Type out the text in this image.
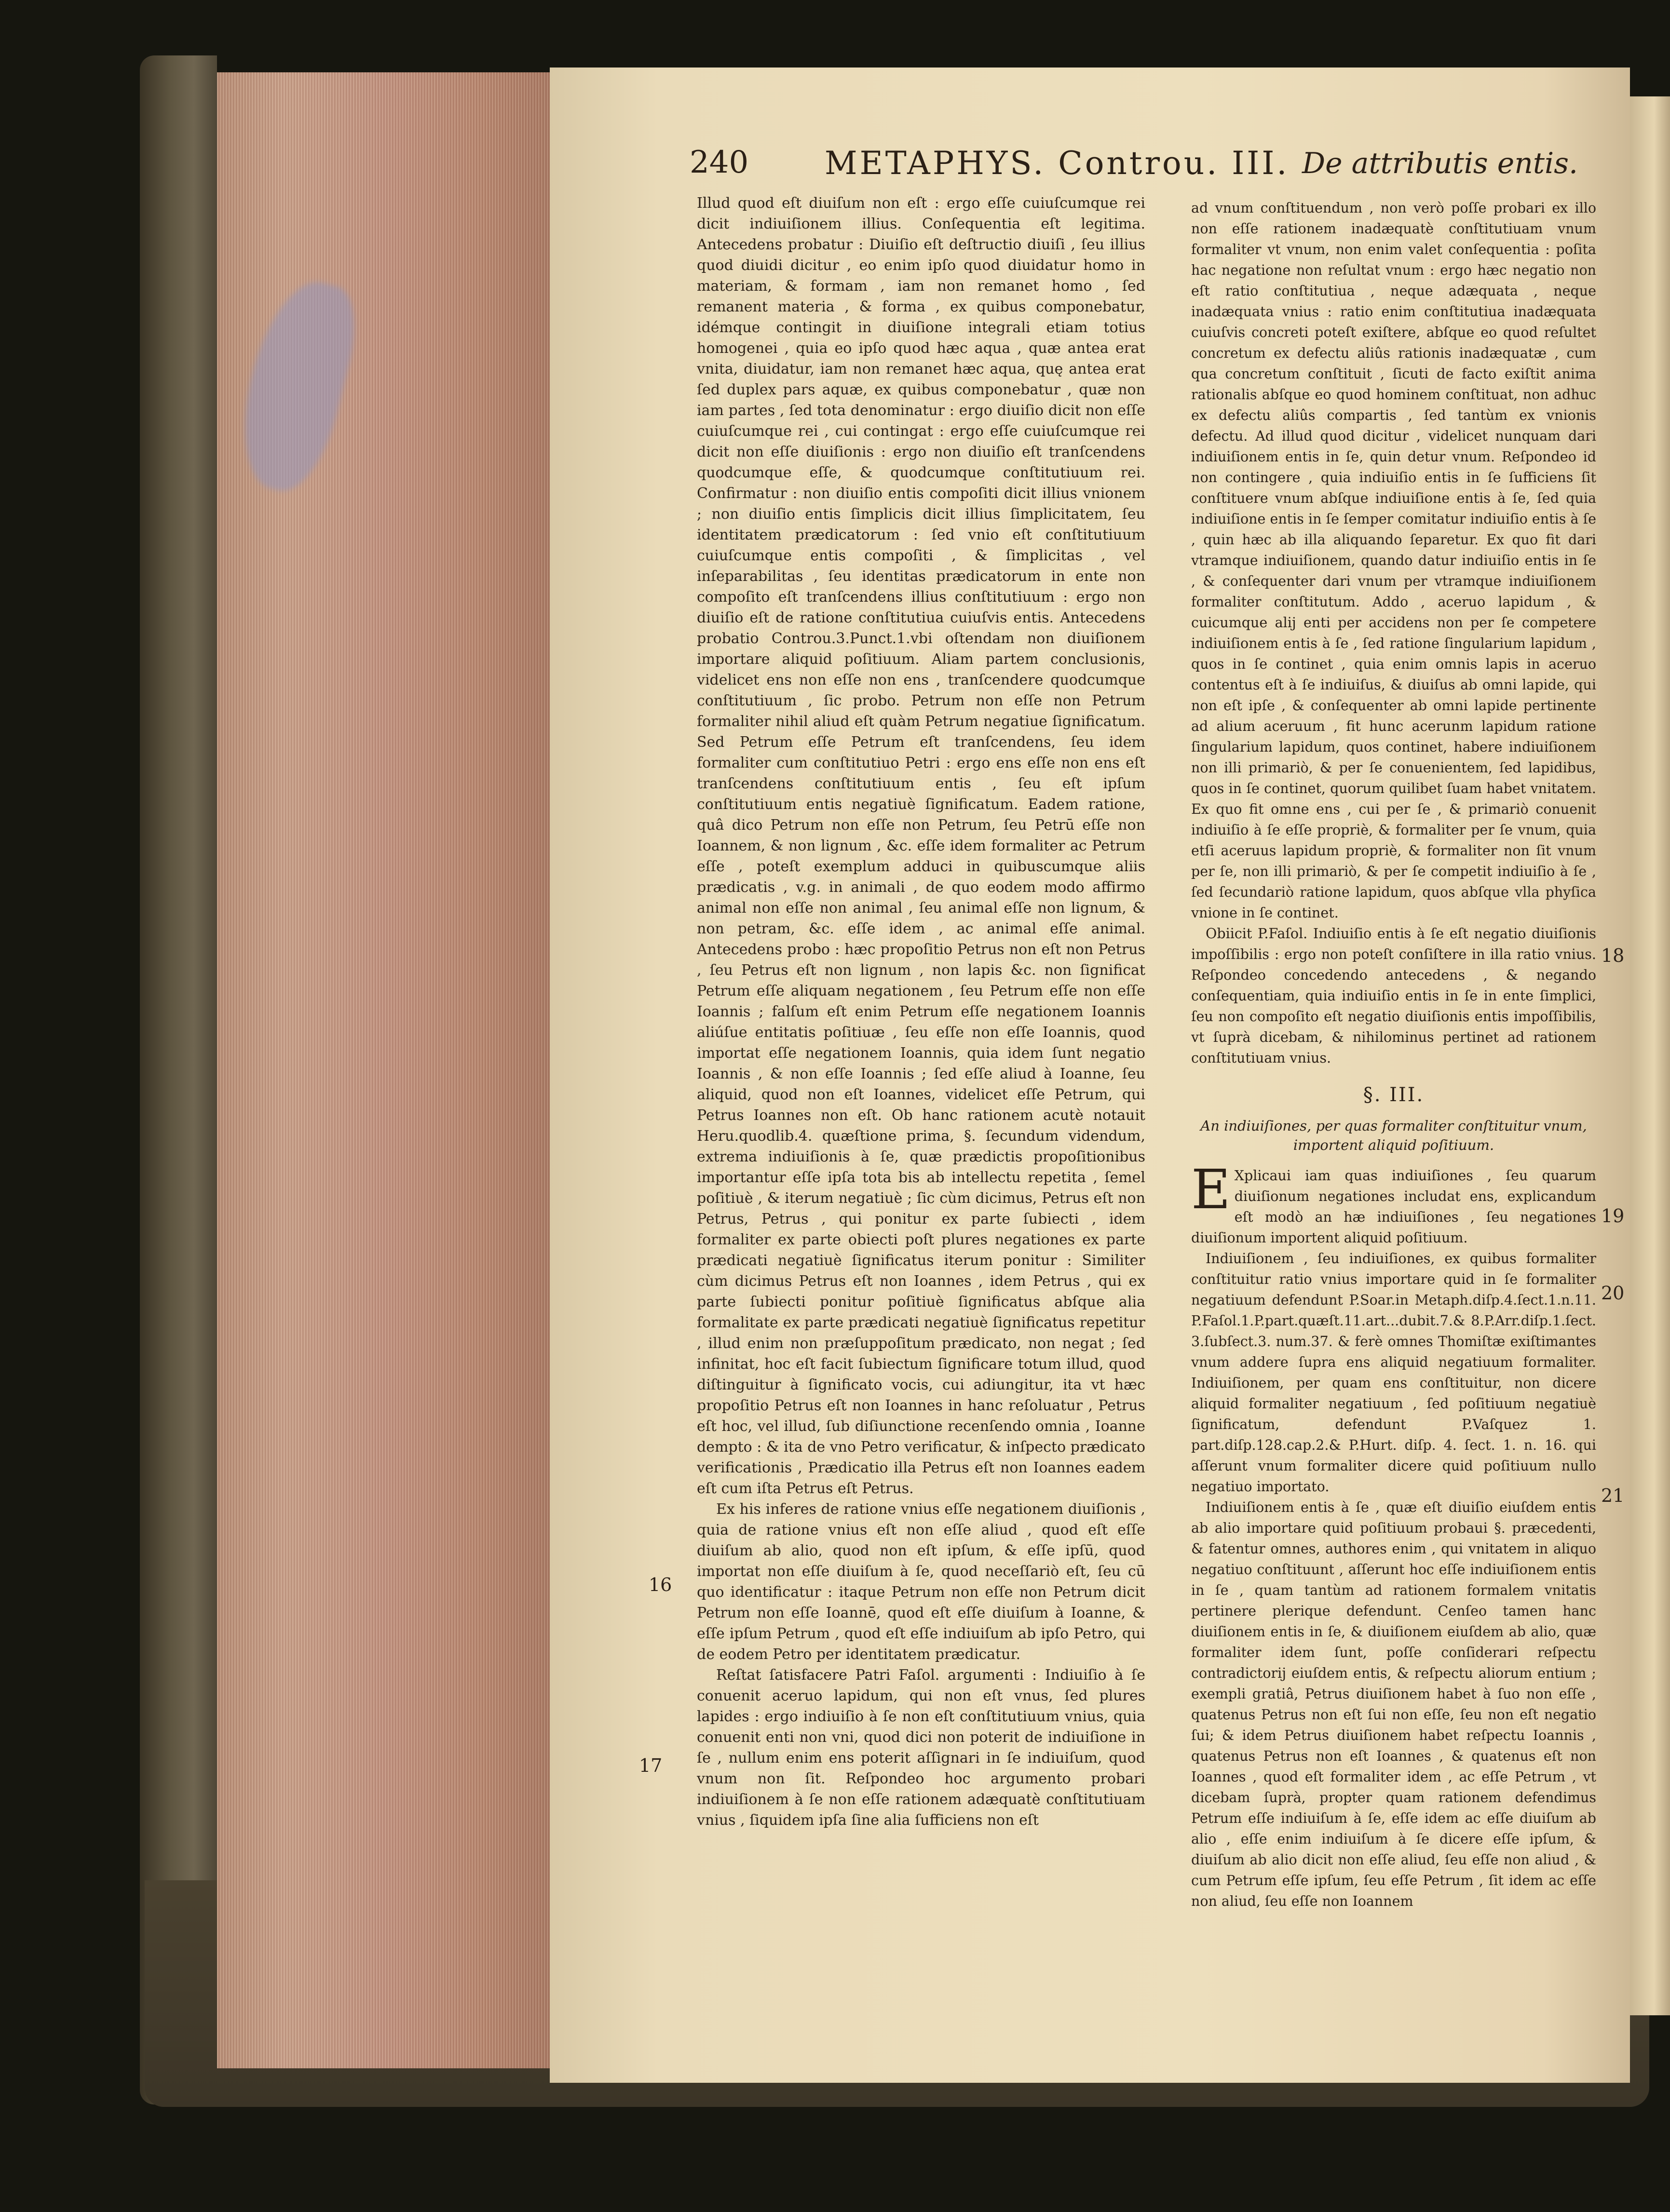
240 METAPHYS. Controu. III. De attributis entis.

Illud quod eſt diuiſum non eſt : ergo eſſe cuiuſcumque rei dicit indiuiſionem illius. Conſequentia eſt legitima. Antecedens probatur : Diuiſio eſt deſtructio diuiſi , ſeu illius quod diuidi dicitur , eo enim ipſo quod diuidatur homo in materiam, & formam , iam non remanet homo , ſed remanent materia , & forma , ex quibus componebatur, idémque contingit in diuiſione integrali etiam totius homogenei , quia eo ipſo quod hæc aqua , quæ antea erat vnita, diuidatur, iam non remanet hæc aqua, quę antea erat ſed duplex pars aquæ, ex quibus componebatur , quæ non iam partes , ſed tota denominatur : ergo diuiſio dicit non eſſe cuiuſcumque rei , cui contingat : ergo eſſe cuiuſcumque rei dicit non eſſe diuiſionis : ergo non diuiſio eſt tranſcendens quodcumque eſſe, & quodcumque conſtitutiuum rei. Confirmatur : non diuiſio entis compoſiti dicit illius vnionem ; non diuiſio entis ſimplicis dicit illius ſimplicitatem, ſeu identitatem prædicatorum : ſed vnio eſt conſtitutiuum cuiuſcumque entis compoſiti , & ſimplicitas , vel inſeparabilitas , ſeu identitas prædicatorum in ente non compoſito eſt tranſcendens illius conſtitutiuum : ergo non diuiſio eſt de ratione conſtitutiua cuiuſvis entis. Antecedens probatio Controu.3.Punct.1.vbi oſtendam non diuiſionem importare aliquid poſitiuum. Aliam partem conclusionis, videlicet ens non eſſe non ens , tranſcendere quodcumque conſtitutiuum , ſic probo. Petrum non eſſe non Petrum formaliter nihil aliud eſt quàm Petrum negatiue ſignificatum. Sed Petrum eſſe Petrum eſt tranſcendens, ſeu idem formaliter cum conſtitutiuo Petri : ergo ens eſſe non ens eſt tranſcendens conſtitutiuum entis , ſeu eſt ipſum conſtitutiuum entis negatiuè ſignificatum. Eadem ratione, quâ dico Petrum non eſſe non Petrum, ſeu Petrū eſſe non Ioannem, & non lignum , &c. eſſe idem formaliter ac Petrum eſſe , poteſt exemplum adduci in quibuscumque aliis prædicatis , v.g. in animali , de quo eodem modo affirmo animal non eſſe non animal , ſeu animal eſſe non lignum, & non petram, &c. eſſe idem , ac animal eſſe animal. Antecedens probo : hæc propoſitio Petrus non eſt non Petrus , ſeu Petrus eſt non lignum , non lapis &c. non ſignificat Petrum eſſe aliquam negationem , ſeu Petrum eſſe non eſſe Ioannis ; falſum eſt enim Petrum eſſe negationem Ioannis aliúſue entitatis poſitiuæ , ſeu eſſe non eſſe Ioannis, quod importat eſſe negationem Ioannis, quia idem ſunt negatio Ioannis , & non eſſe Ioannis ; ſed eſſe aliud à Ioanne, ſeu aliquid, quod non eſt Ioannes, videlicet eſſe Petrum, qui Petrus Ioannes non eſt. Ob hanc rationem acutè notauit Heru.quodlib.4. quæſtione prima, §. ſecundum videndum, extrema indiuiſionis à ſe, quæ prædictis propoſitionibus importantur eſſe ipſa tota bis ab intellectu repetita , ſemel poſitiuè , & iterum negatiuè ; ſic cùm dicimus, Petrus eſt non Petrus, Petrus , qui ponitur ex parte ſubiecti , idem formaliter ex parte obiecti poſt plures negationes ex parte prædicati negatiuè ſignificatus iterum ponitur : Similiter cùm dicimus Petrus eſt non Ioannes , idem Petrus , qui ex parte ſubiecti ponitur poſitiuè ſignificatus abſque alia formalitate ex parte prædicati negatiuè ſignificatus repetitur , illud enim non præſuppoſitum prædicato, non negat ; ſed infinitat, hoc eſt facit ſubiectum ſignificare totum illud, quod diſtinguitur à ſignificato vocis, cui adiungitur, ita vt hæc propoſitio Petrus eſt non Ioannes in hanc reſoluatur , Petrus eſt hoc, vel illud, ſub diſiunctione recenſendo omnia , Ioanne dempto : & ita de vno Petro verificatur, & inſpecto prædicato verificationis , Prædicatio illa Petrus eſt non Ioannes eadem eſt cum iſta Petrus eſt Petrus.

Ex his inferes de ratione vnius eſſe negationem diuiſionis , quia de ratione vnius eſt non eſſe aliud , quod eſt eſſe diuiſum ab alio, quod non eſt ipſum, & eſſe ipſū, quod importat non eſſe diuiſum à ſe, quod neceſſariò eſt, ſeu cū quo identificatur : itaque Petrum non eſſe non Petrum dicit Petrum non eſſe Ioannē, quod eſt eſſe diuiſum à Ioanne, & eſſe ipſum Petrum , quod eſt eſſe indiuiſum ab ipſo Petro, qui de eodem Petro per identitatem prædicatur.

Reſtat ſatisfacere Patri Faſol. argumenti : Indiuiſio à ſe conuenit aceruo lapidum, qui non eſt vnus, ſed plures lapides : ergo indiuiſio à ſe non eſt conſtitutiuum vnius, quia conuenit enti non vni, quod dici non poterit de indiuiſione in ſe , nullum enim ens poterit aſſignari in ſe indiuiſum, quod vnum non ſit. Reſpondeo hoc argumento probari indiuiſionem à ſe non eſſe rationem adæquatè conſtitutiuam vnius , ſiquidem ipſa ſine alia ſufficiens non eſt

ad vnum conſtituendum , non verò poſſe probari ex illo non eſſe rationem inadæquatè conſtitutiuam vnum formaliter vt vnum, non enim valet conſequentia : poſita hac negatione non reſultat vnum : ergo hæc negatio non eſt ratio conſtitutiua , neque adæquata , neque inadæquata vnius : ratio enim conſtitutiua inadæquata cuiuſvis concreti poteſt exiſtere, abſque eo quod reſultet concretum ex defectu aliûs rationis inadæquatæ , cum qua concretum conſtituit , ſicuti de facto exiſtit anima rationalis abſque eo quod hominem conſtituat, non adhuc ex defectu aliûs compartis , ſed tantùm ex vnionis defectu. Ad illud quod dicitur , videlicet nunquam dari indiuiſionem entis in ſe, quin detur vnum. Reſpondeo id non contingere , quia indiuiſio entis in ſe ſufficiens ſit conſtituere vnum abſque indiuiſione entis à ſe, ſed quia indiuiſione entis in ſe ſemper comitatur indiuiſio entis à ſe , quin hæc ab illa aliquando ſeparetur. Ex quo fit dari vtramque indiuiſionem, quando datur indiuiſio entis in ſe , & conſequenter dari vnum per vtramque indiuiſionem formaliter conſtitutum. Addo , aceruo lapidum , & cuicumque alij enti per accidens non per ſe competere indiuiſionem entis à ſe , ſed ratione ſingularium lapidum , quos in ſe continet , quia enim omnis lapis in aceruo contentus eſt à ſe indiuiſus, & diuiſus ab omni lapide, qui non eſt ipſe , & conſequenter ab omni lapide pertinente ad alium aceruum , fit hunc acerunm lapidum ratione ſingularium lapidum, quos continet, habere indiuiſionem non illi primariò, & per ſe conuenientem, ſed lapidibus, quos in ſe continet, quorum quilibet ſuam habet vnitatem. Ex quo fit omne ens , cui per ſe , & primariò conuenit indiuiſio à ſe eſſe propriè, & formaliter per ſe vnum, quia etſi aceruus lapidum propriè, & formaliter non ſit vnum per ſe, non illi primariò, & per ſe competit indiuiſio à ſe , ſed ſecundariò ratione lapidum, quos abſque vlla phyſica vnione in ſe continet.

Obiicit P.Faſol. Indiuiſio entis à ſe eſt negatio diuiſionis impoſſibilis : ergo non poteſt conſiſtere in illa ratio vnius. Reſpondeo concedendo antecedens , & negando conſequentiam, quia indiuiſio entis in ſe in ente ſimplici, ſeu non compoſito eſt negatio diuiſionis entis impoſſibilis, vt ſuprà dicebam, & nihilominus pertinet ad rationem conſtitutiuam vnius.

§. III.
An indiuiſiones, per quas formaliter conſtituitur vnum, importent aliquid poſitiuum.

E Xplicaui iam quas indiuiſiones , ſeu quarum diuiſionum negationes includat ens, explicandum eſt modò an hæ indiuiſiones , ſeu negationes diuiſionum importent aliquid poſitiuum.

Indiuiſionem , ſeu indiuiſiones, ex quibus formaliter conſtituitur ratio vnius importare quid in ſe formaliter negatiuum defendunt P.Soar.in Metaph.diſp.4.ſect.1.n.11. P.Faſol.1.P.part.quæſt.11.art...dubit.7.& 8.P.Arr.diſp.1.ſect. 3.ſubſect.3. num.37. & ferè omnes Thomiſtæ exiſtimantes vnum addere ſupra ens aliquid negatiuum formaliter. Indiuiſionem, per quam ens conſtituitur, non dicere aliquid formaliter negatiuum , ſed poſitiuum negatiuè ſignificatum, defendunt P.Vaſquez 1. part.diſp.128.cap.2.& P.Hurt. diſp. 4. ſect. 1. n. 16. qui aſſerunt vnum formaliter dicere quid poſitiuum nullo negatiuo importato.

Indiuiſionem entis à ſe , quæ eſt diuiſio eiuſdem entis ab alio importare quid poſitiuum probaui §. præcedenti, & fatentur omnes, authores enim , qui vnitatem in aliquo negatiuo conſtituunt , aſſerunt hoc eſſe indiuiſionem entis in ſe , quam tantùm ad rationem formalem vnitatis pertinere plerique defendunt. Cenſeo tamen hanc diuiſionem entis in ſe, & diuiſionem eiuſdem ab alio, quæ formaliter idem ſunt, poſſe conſiderari reſpectu contradictorij eiuſdem entis, & reſpectu aliorum entium ; exempli gratiâ, Petrus diuiſionem habet à ſuo non eſſe , quatenus Petrus non eſt ſui non eſſe, ſeu non eſt negatio ſui; & idem Petrus diuiſionem habet reſpectu Ioannis , quatenus Petrus non eſt Ioannes , & quatenus eſt non Ioannes , quod eſt formaliter idem , ac eſſe Petrum , vt dicebam ſuprà, propter quam rationem defendimus Petrum eſſe indiuiſum à ſe, eſſe idem ac eſſe diuiſum ab alio , eſſe enim indiuiſum à ſe dicere eſſe ipſum, & diuiſum ab alio dicit non eſſe aliud, ſeu eſſe non aliud , & cum Petrum eſſe ipſum, ſeu eſſe Petrum , ſit idem ac eſſe non aliud, ſeu eſſe non Ioannem

16
17
18
19
20
21
